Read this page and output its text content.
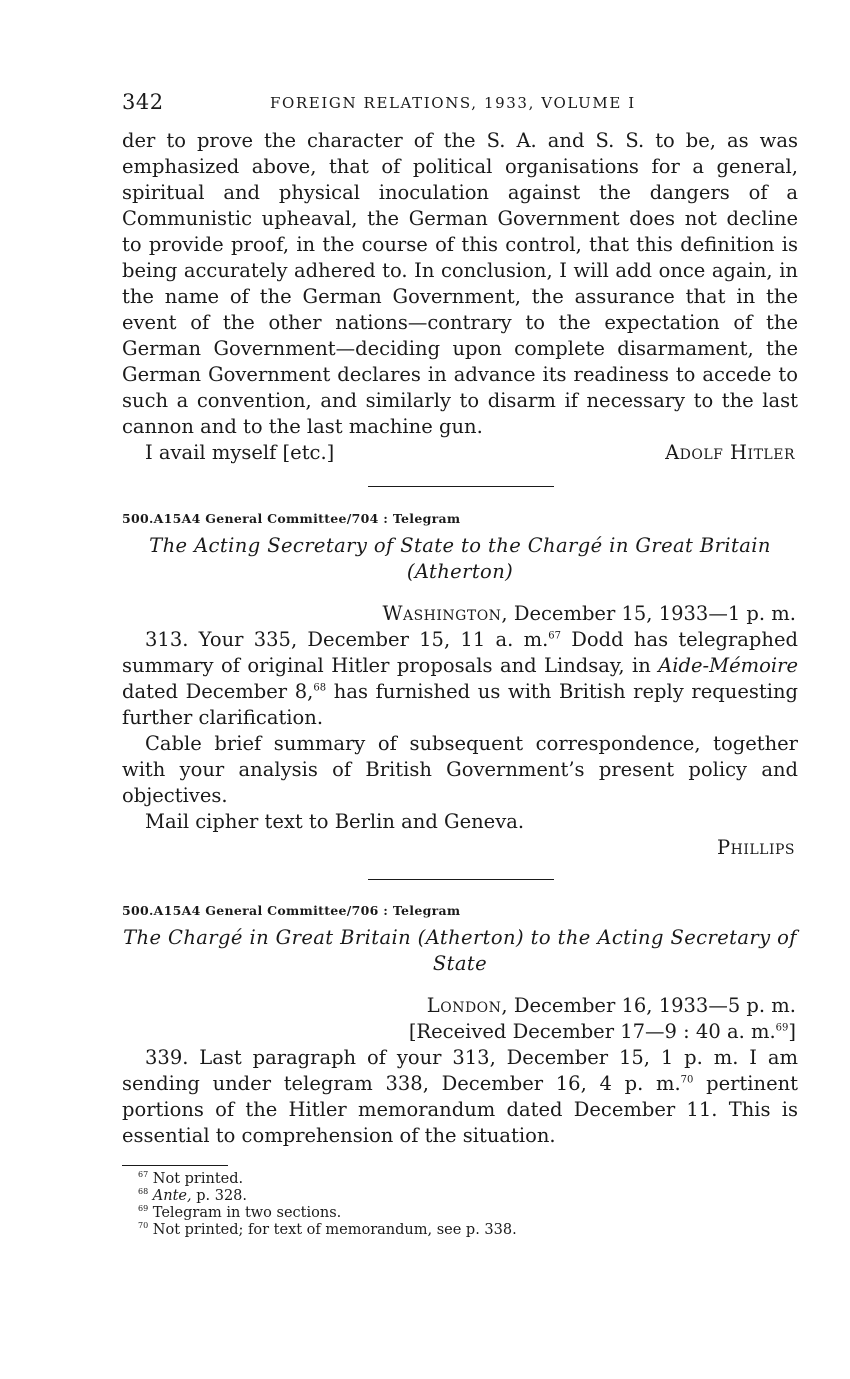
342	FOREIGN RELATIONS, 1933, VOLUME I

der to prove the character of the S. A. and S. S. to be, as was emphasized above, that of political organisations for a general, spiritual and physical inoculation against the dangers of a Communistic upheaval, the German Government does not decline to provide proof, in the course of this control, that this definition is being accurately adhered to. In conclusion, I will add once again, in the name of the German Government, the assurance that in the event of the other nations—contrary to the expectation of the German Government—deciding upon complete disarmament, the German Government declares in advance its readiness to accede to such a convention, and similarly to disarm if necessary to the last cannon and to the last machine gun.

I avail myself [etc.]	Adolf Hitler
500.A15A4 General Committee/704 : Telegram
The Acting Secretary of State to the Chargé in Great Britain
(Atherton)
Washington, December 15, 1933—1 p. m.

313. Your 335, December 15, 11 a. m.$^{67}$ Dodd has telegraphed summary of original Hitler proposals and Lindsay, in Aide-Mémoire dated December 8,68 has furnished us with British reply requesting further clarification.

Cable brief summary of subsequent correspondence, together with your analysis of British Government’s present policy and objectives.

Mail cipher text to Berlin and Geneva.

Phillips
500.A15A4 General Committee/706 : Telegram
The Chargé in Great Britain (Atherton) to the Acting Secretary of
State
London, December 16, 1933—5 p. m.
[Received December 17—9 : 40 a. m.$^{69}$]

339. Last paragraph of your 313, December 15, 1 p. m. I am sending under telegram 338, December 16, 4 p. m.$^{70}$ pertinent portions of the Hitler memorandum dated December 11. This is essential to comprehension of the situation.

$^{67}$ Not printed.
$^{68}$ Ante, p. 328.
$^{69}$ Telegram in two sections.
$^{70}$ Not printed; for text of memorandum, see p. 338.
